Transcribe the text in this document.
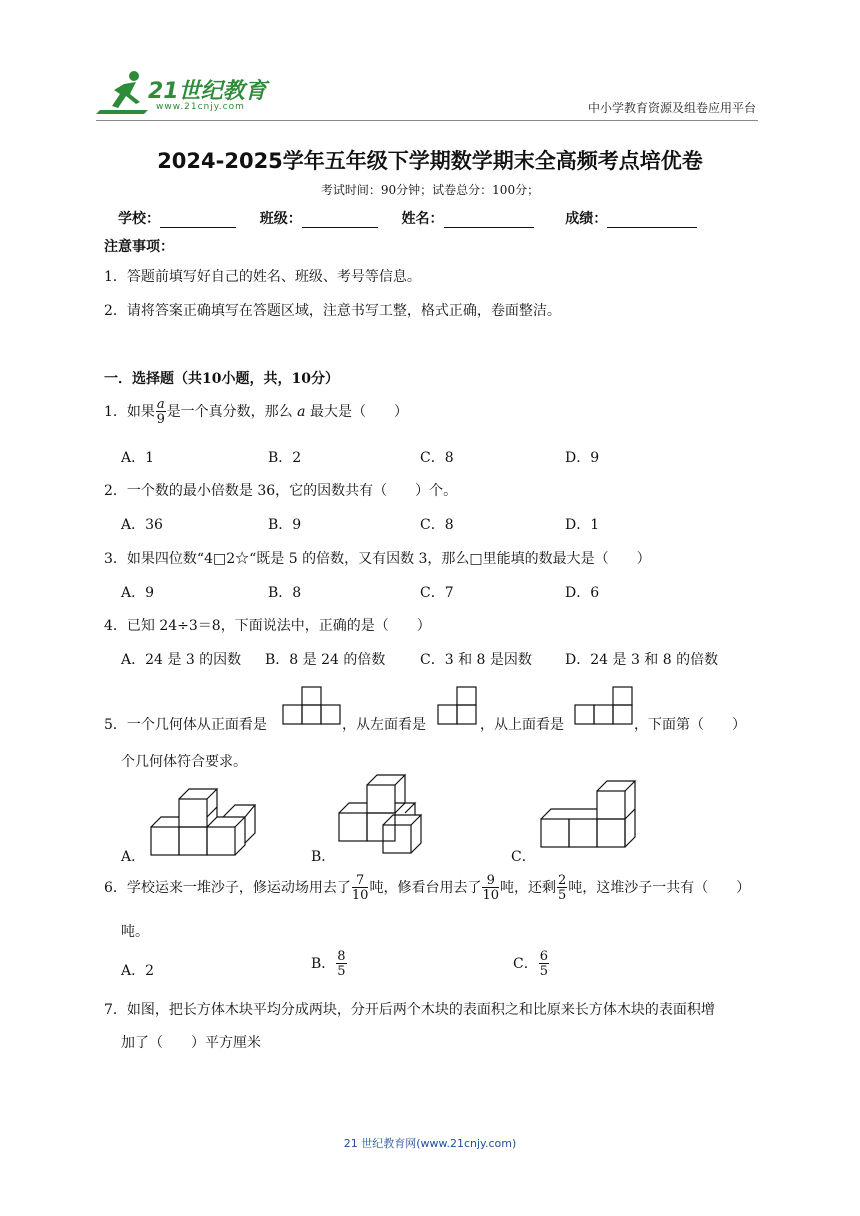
21世纪教育
www.21cnjy.com	中小学教育资源及组卷应用平台
2024-2025学年五年级下学期数学期末全高频考点培优卷
考试时间：90分钟；试卷总分：100分；
学校：	班级：	姓名：	成绩：
注意事项：
1．答题前填写好自己的姓名、班级、考号等信息。
2．请将答案正确填写在答题区域，注意书写工整，格式正确，卷面整洁。
一．选择题（共10小题，共，10分）
1．如果 $\frac{a}{9}$ 是一个真分数，那么 a 最大是（　　）
A．1	B．2	C．8	D．9
2．一个数的最小倍数是 36，它的因数共有（　　）个。
A．36	B．9	C．8	D．1
3．如果四位数“4□2☆“既是 5 的倍数，又有因数 3，那么□里能填的数最大是（　　）
A．9	B．8	C．7	D．6
4．已知 24÷3＝8，下面说法中，正确的是（　　）
A．24 是 3 的因数 B．8 是 24 的倍数 C．3 和 8 是因数 D．24 是 3 和 8 的倍数
5．一个几何体从正面看是	，从左面看是	，从上面看是	，下面第（　　）
个几何体符合要求。
A．	B．	C．
6．学校运来一堆沙子，修运动场用去了 $\frac{7}{10}$ 吨，修看台用去了 $\frac{9}{10}$ 吨，还剩 $\frac{2}{5}$ 吨，这堆沙子一共有（　　）
吨。
A．2	B． $\frac{8}{5}$	C． $\frac{6}{5}$
7．如图，把长方体木块平均分成两块，分开后两个木块的表面积之和比原来长方体木块的表面积增
加了（　　）平方厘米
21 世纪教育网(www.21cnjy.com)
